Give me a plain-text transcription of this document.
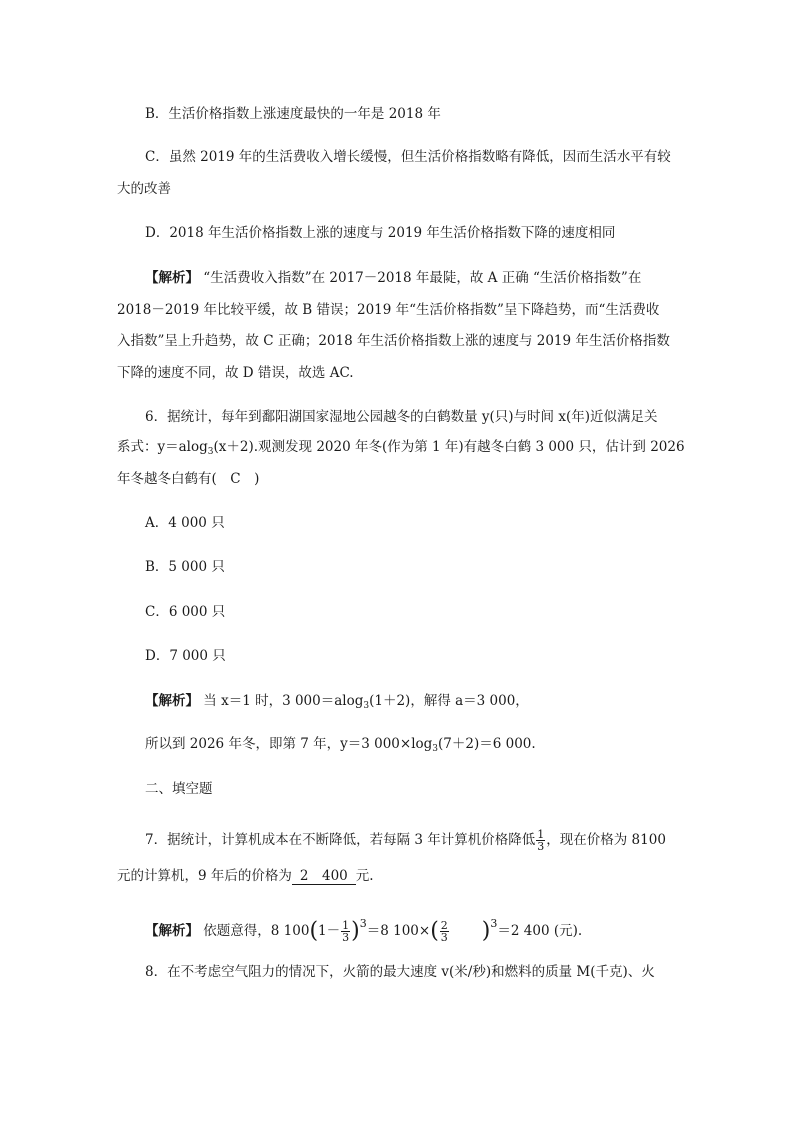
B．生活价格指数上涨速度最快的一年是 2018 年
C．虽然 2019 年的生活费收入增长缓慢，但生活价格指数略有降低，因而生活水平有较
大的改善
D．2018 年生活价格指数上涨的速度与 2019 年生活价格指数下降的速度相同
【解析】 “生活费收入指数”在 2017－2018 年最陡，故 A 正确 “生活价格指数”在
2018－2019 年比较平缓，故 B 错误；2019 年“生活价格指数”呈下降趋势，而“生活费收
入指数”呈上升趋势，故 C 正确；2018 年生活价格指数上涨的速度与 2019 年生活价格指数
下降的速度不同，故 D 错误，故选 AC.
6．据统计，每年到鄱阳湖国家湿地公园越冬的白鹤数量 y(只)与时间 x(年)近似满足关
系式：y＝alog$_3$(x＋2).观测发现 2020 年冬(作为第 1 年)有越冬白鹤 3 000 只，估计到 2026
年冬越冬白鹤有(　C　)
A．4 000 只
B．5 000 只
C．6 000 只
D．7 000 只
【解析】 当 x＝1 时，3 000＝alog$_3$(1＋2)，解得 a＝3 000，
所以到 2026 年冬，即第 7 年，y＝3 $000\times\log_3(7+2)=6$ 000.
二、填空题
7．据统计，计算机成本在不断降低，若每隔 3 年计算机价格降低 $\frac{1}{3}$ ，现在价格为 8100
元的计算机，9 年后的价格为 2　400 元.
【解析】 依题意得，8 $100(1- \frac{1}{3} )^3=8$ $100\times( \frac{2}{3} )^3=2$ 400 (元).
8．在不考虑空气阻力的情况下，火箭的最大速度 v(米/秒)和燃料的质量 M(千克)、火
